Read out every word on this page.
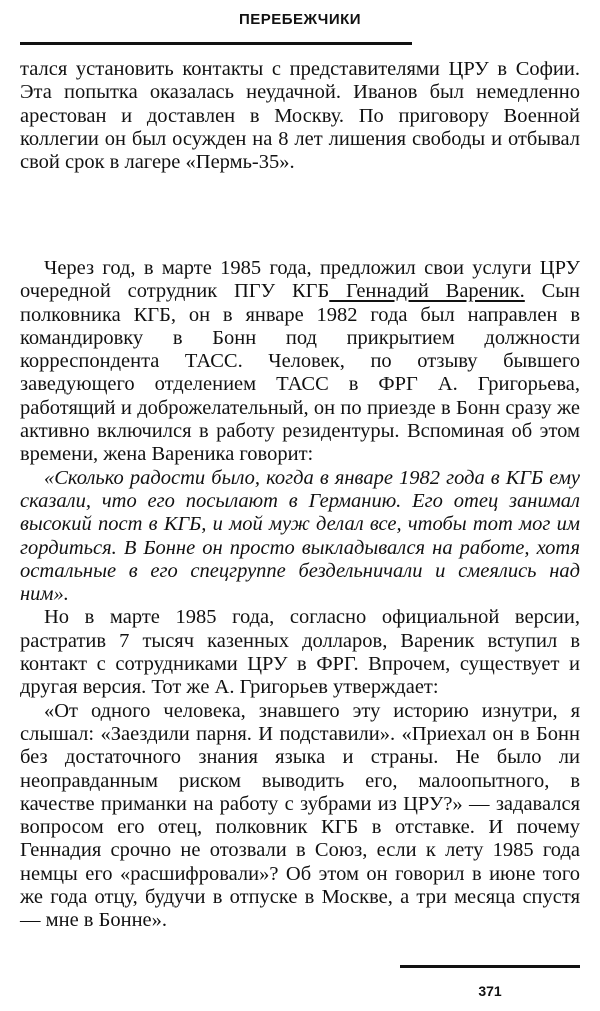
ПЕРЕБЕЖЧИКИ

тался установить контакты с представителями ЦРУ в Софии. Эта попытка оказалась неудачной. Иванов был немедленно арестован и доставлен в Москву. По приговору Военной коллегии он был осужден на 8 лет лишения свободы и отбывал свой срок в лагере «Пермь-35».

Через год, в марте 1985 года, предложил свои услуги ЦРУ очередной сотрудник ПГУ КГБ Геннадий Вареник. Сын полковника КГБ, он в январе 1982 года был направлен в командировку в Бонн под прикрытием должности корреспондента ТАСС. Человек, по отзыву бывшего заведующего отделением ТАСС в ФРГ А. Григорьева, работящий и доброжелательный, он по приезде в Бонн сразу же активно включился в работу резидентуры. Вспоминая об этом времени, жена Вареника говорит:

«Сколько радости было, когда в январе 1982 года в КГБ ему сказали, что его посылают в Германию. Его отец занимал высокий пост в КГБ, и мой муж делал все, чтобы тот мог им гордиться. В Бонне он просто выкладывался на работе, хотя остальные в его спецгруппе бездельничали и смеялись над ним».

Но в марте 1985 года, согласно официальной версии, растратив 7 тысяч казенных долларов, Вареник вступил в контакт с сотрудниками ЦРУ в ФРГ. Впрочем, существует и другая версия. Тот же А. Григорьев утверждает:

«От одного человека, знавшего эту историю изнутри, я слышал: «Заездили парня. И подставили». «Приехал он в Бонн без достаточного знания языка и страны. Не было ли неоправданным риском выводить его, малоопытного, в качестве приманки на работу с зубрами из ЦРУ?» — задавался вопросом его отец, полковник КГБ в отставке. И почему Геннадия срочно не отозвали в Союз, если к лету 1985 года немцы его «расшифровали»? Об этом он говорил в июне того же года отцу, будучи в отпуске в Москве, а три месяца спустя — мне в Бонне».

371
